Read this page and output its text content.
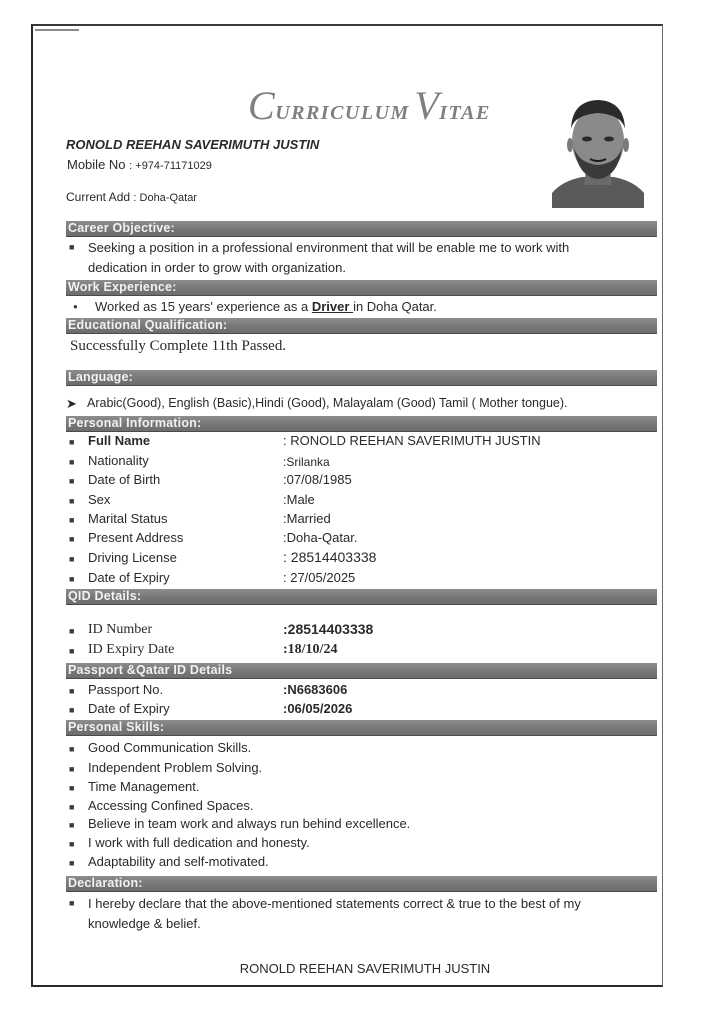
CURRICULUM VITAE
RONOLD REEHAN SAVERIMUTH JUSTIN
Mobile No : +974-71171029
Current Add : Doha-Qatar
Career Objective:
■ Seeking a position in a professional environment that will be enable me to work with
dedication in order to grow with organization.
Work Experience:
● Worked as 15 years' experience as a Driver in Doha Qatar.
Educational Qualification:
Successfully Complete 11th Passed.
Language:
➤ Arabic(Good), English (Basic),Hindi (Good), Malayalam (Good) Tamil ( Mother tongue).
Personal Information:
■ Full Name	: RONOLD REEHAN SAVERIMUTH JUSTIN
■ Nationality	:Srilanka
■ Date of Birth	:07/08/1985
■ Sex	:Male
■ Marital Status	:Married
■ Present Address	:Doha-Qatar.
■ Driving License	: 28514403338
■ Date of Expiry	: 27/05/2025
QID Details:
■ ID Number	:28514403338
■ ID Expiry Date	:18/10/24
Passport &Qatar ID Details
■ Passport No.	:N6683606
■ Date of Expiry	:06/05/2026
Personal Skills:
■ Good Communication Skills.
■ Independent Problem Solving.
■ Time Management.
■ Accessing Confined Spaces.
■ Believe in team work and always run behind excellence.
■ I work with full dedication and honesty.
■ Adaptability and self-motivated.
Declaration:
■ I hereby declare that the above-mentioned statements correct & true to the best of my
knowledge & belief.
RONOLD REEHAN SAVERIMUTH JUSTIN
